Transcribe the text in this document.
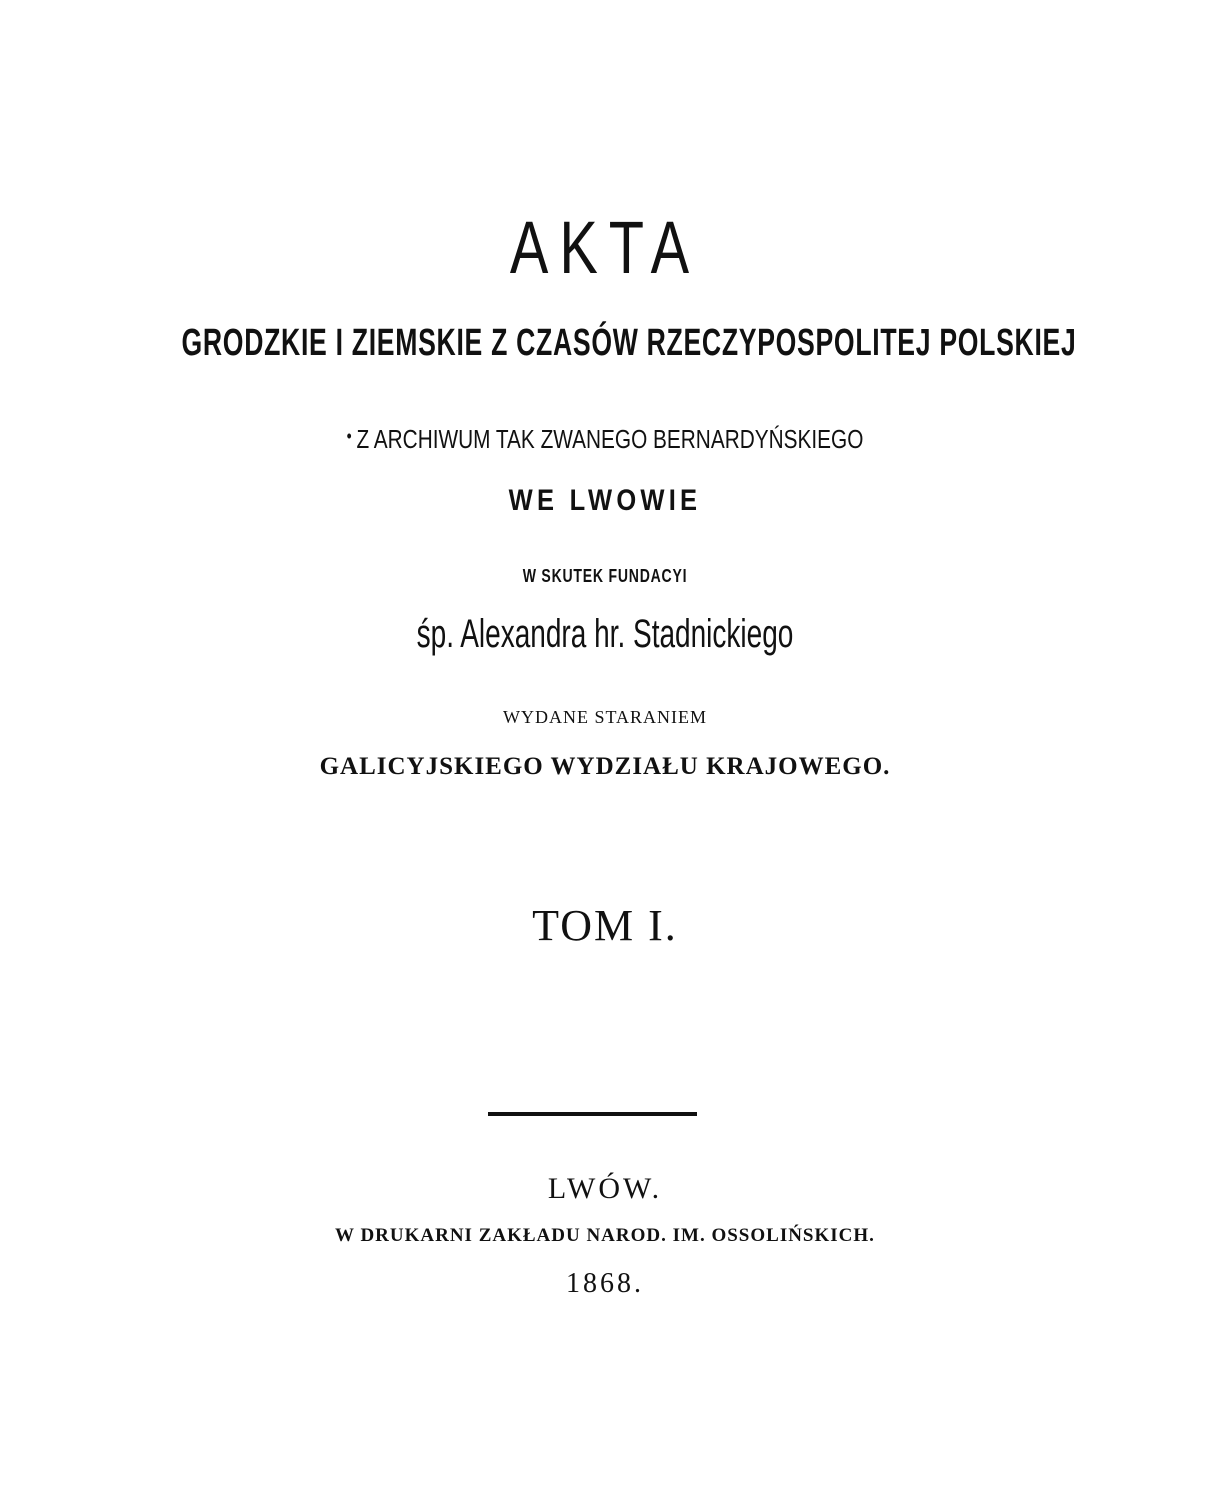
AKTA
GRODZKIE I ZIEMSKIE Z CZASÓW RZECZYPOSPOLITEJ POLSKIEJ
• Z ARCHIWUM TAK ZWANEGO BERNARDYŃSKIEGO
WE LWOWIE
W SKUTEK FUNDACYI
śp. Alexandra hr. Stadnickiego
WYDANE STARANIEM
GALICYJSKIEGO WYDZIAŁU KRAJOWEGO.
TOM I.
LWÓW.
W DRUKARNI ZAKŁADU NAROD. IM. OSSOLIŃSKICH.
1868.
